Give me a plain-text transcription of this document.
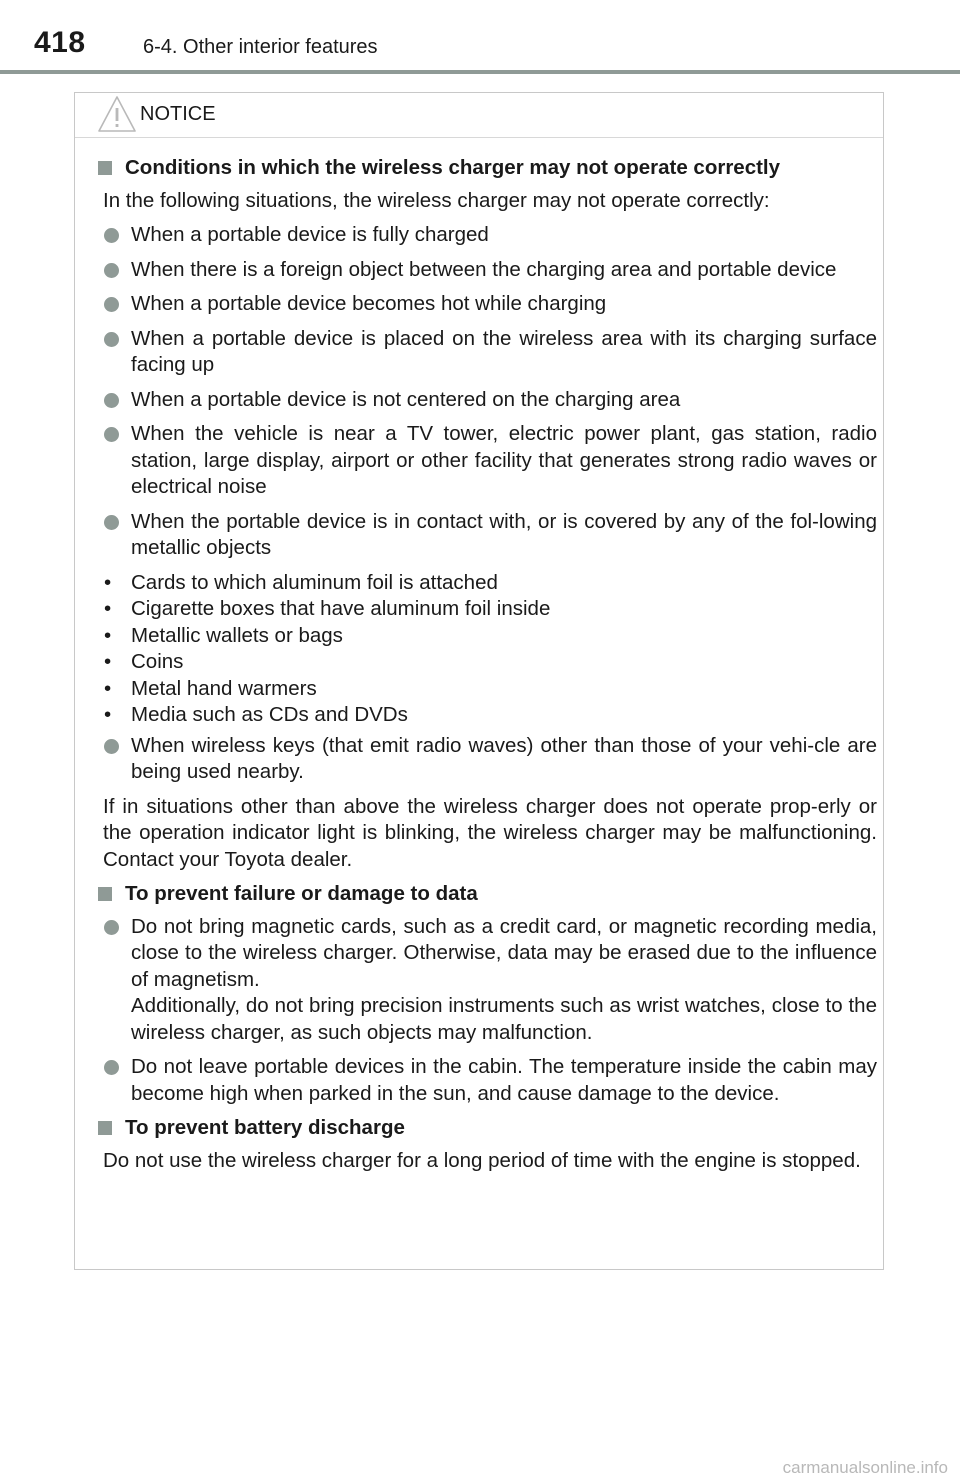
418	6-4. Other interior features
NOTICE
Conditions in which the wireless charger may not operate correctly

In the following situations, the wireless charger may not operate correctly:

When a portable device is fully charged
When there is a foreign object between the charging area and portable device
When a portable device becomes hot while charging
When a portable device is placed on the wireless area with its charging surface facing up
When a portable device is not centered on the charging area
When the vehicle is near a TV tower, electric power plant, gas station, radio station, large display, airport or other facility that generates strong radio waves or electrical noise
When the portable device is in contact with, or is covered by any of the fol-lowing metallic objects
• Cards to which aluminum foil is attached
• Cigarette boxes that have aluminum foil inside
• Metallic wallets or bags
• Coins
• Metal hand warmers
• Media such as CDs and DVDs
When wireless keys (that emit radio waves) other than those of your vehi-cle are being used nearby.

If in situations other than above the wireless charger does not operate prop-erly or the operation indicator light is blinking, the wireless charger may be malfunctioning. Contact your Toyota dealer.

To prevent failure or damage to data
Do not bring magnetic cards, such as a credit card, or magnetic recording media, close to the wireless charger. Otherwise, data may be erased due to the influence of magnetism.
Additionally, do not bring precision instruments such as wrist watches, close to the wireless charger, as such objects may malfunction.
Do not leave portable devices in the cabin. The temperature inside the cabin may become high when parked in the sun, and cause damage to the device.
To prevent battery discharge

Do not use the wireless charger for a long period of time with the engine is stopped.

carmanualsonline.info
